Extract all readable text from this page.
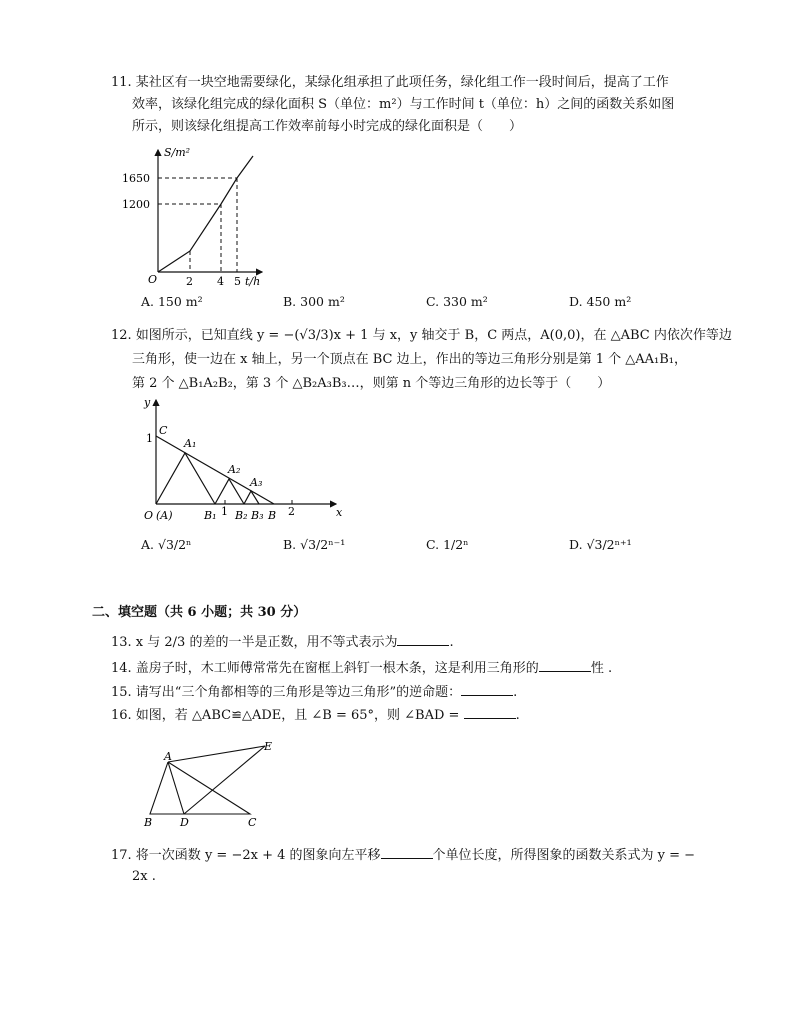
11. 某社区有一块空地需要绿化，某绿化组承担了此项任务，绿化组工作一段时间后，提高了工作
效率，该绿化组完成的绿化面积 S（单位：m²）与工作时间 t（单位：h）之间的函数关系如图
所示，则该绿化组提高工作效率前每小时完成的绿化面积是（　　）
S/m²
1650
1200
O	2 4 5 t/h
A. 150 m²	B. 300 m²	C. 330 m²	D. 450 m²
12. 如图所示，已知直线 y = −(√3/3)x + 1 与 x，y 轴交于 B，C 两点，A(0,0)，在 △ABC 内依次作等边
三角形，使一边在 x 轴上，另一个顶点在 BC 边上，作出的等边三角形分别是第 1 个 △AA₁B₁，
第 2 个 △B₁A₂B₂，第 3 个 △B₂A₃B₃…，则第 n 个等边三角形的边长等于（　　）
y
C
1	A₁
A₂
A₃
O (A)	B₁ 1 B₂ B₃ B 2	x
A. √3/2ⁿ	B. √3/2ⁿ⁻¹	C. 1/2ⁿ	D. √3/2ⁿ⁺¹
二、填空题（共 6 小题；共 30 分）
13. x 与 2/3 的差的一半是正数，用不等式表示为	.
14. 盖房子时，木工师傅常常先在窗框上斜钉一根木条，这是利用三角形的	性 .
15. 请写出“三个角都相等的三角形是等边三角形”的逆命题：	.
16. 如图，若 △ABC≌△ADE，且 ∠B = 65°，则 ∠BAD =	.
A
E
B	D	C
17. 将一次函数 y = −2x + 4 的图象向左平移	个单位长度，所得图象的函数关系式为 y = −
2x .
